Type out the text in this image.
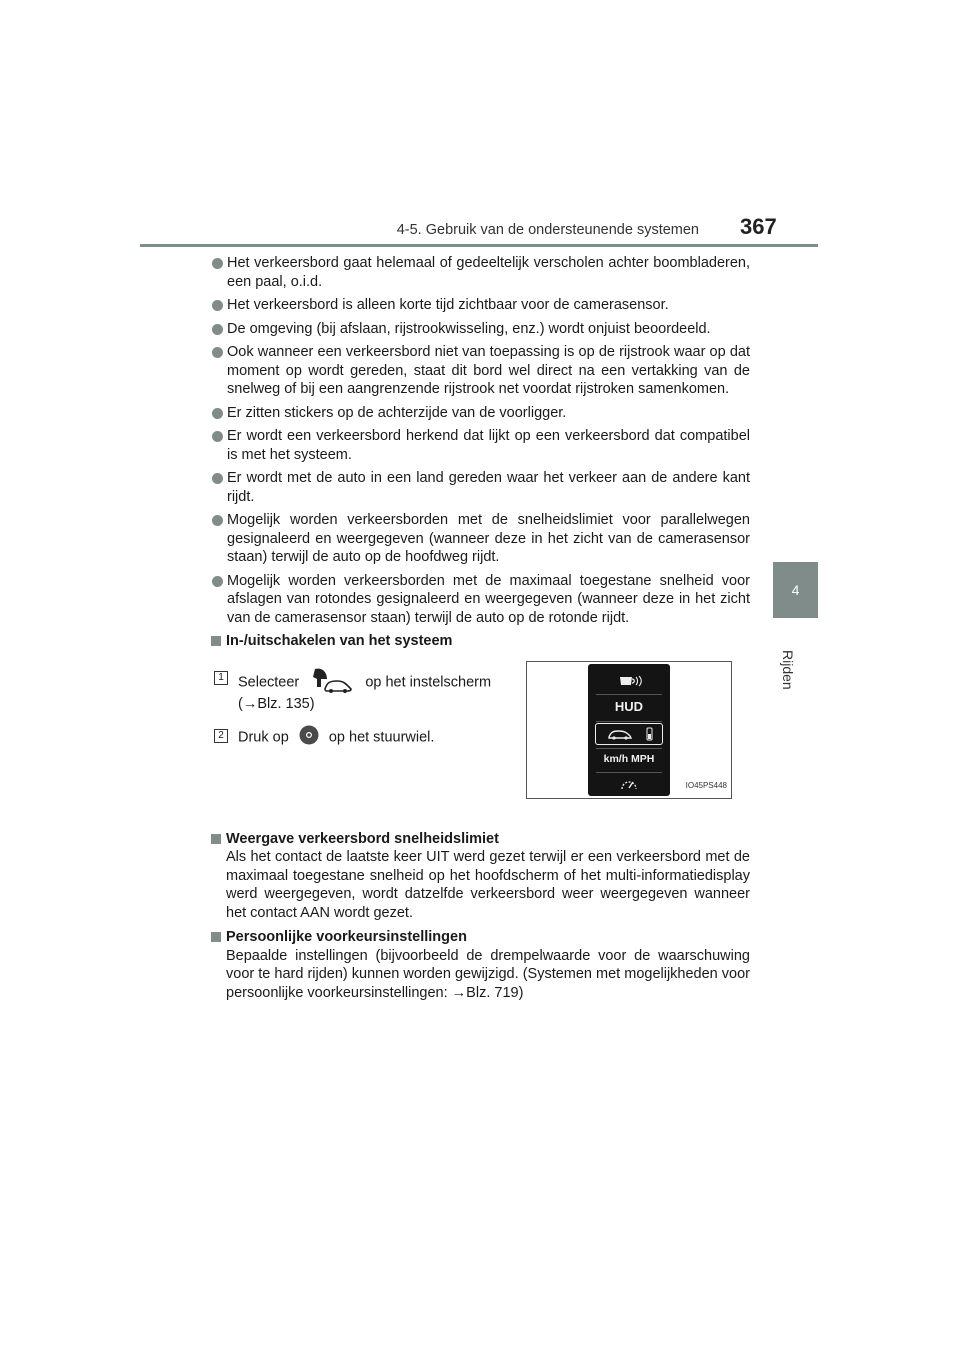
4-5. Gebruik van de ondersteunende systemen 367
4
Rijden
Het verkeersbord gaat helemaal of gedeeltelijk verscholen achter boombladeren, een paal, o.i.d.
Het verkeersbord is alleen korte tijd zichtbaar voor de camerasensor.
De omgeving (bij afslaan, rijstrookwisseling, enz.) wordt onjuist beoordeeld.
Ook wanneer een verkeersbord niet van toepassing is op de rijstrook waar op dat moment op wordt gereden, staat dit bord wel direct na een vertakking van de snelweg of bij een aangrenzende rijstrook net voordat rijstroken samenkomen.
Er zitten stickers op de achterzijde van de voorligger.
Er wordt een verkeersbord herkend dat lijkt op een verkeersbord dat compatibel is met het systeem.
Er wordt met de auto in een land gereden waar het verkeer aan de andere kant rijdt.
Mogelijk worden verkeersborden met de snelheidslimiet voor parallelwegen gesignaleerd en weergegeven (wanneer deze in het zicht van de camerasensor staan) terwijl de auto op de hoofdweg rijdt.
Mogelijk worden verkeersborden met de maximaal toegestane snelheid voor afslagen van rotondes gesignaleerd en weergegeven (wanneer deze in het zicht van de camerasensor staan) terwijl de auto op de rotonde rijdt.
In-/uitschakelen van het systeem
1 Selecteer	op het instelscherm
(→Blz. 135)
2 Druk op	op het stuurwiel.
HUD
km/h MPH
IO45PS448
Weergave verkeersbord snelheidslimiet

Als het contact de laatste keer UIT werd gezet terwijl er een verkeersbord met de maximaal toegestane snelheid op het hoofdscherm of het multi-informatiedisplay werd weergegeven, wordt datzelfde verkeersbord weer weergegeven wanneer het contact AAN wordt gezet.

Persoonlijke voorkeursinstellingen

Bepaalde instellingen (bijvoorbeeld de drempelwaarde voor de waarschuwing voor te hard rijden) kunnen worden gewijzigd. (Systemen met mogelijkheden voor persoonlijke voorkeursinstellingen: →Blz. 719)
